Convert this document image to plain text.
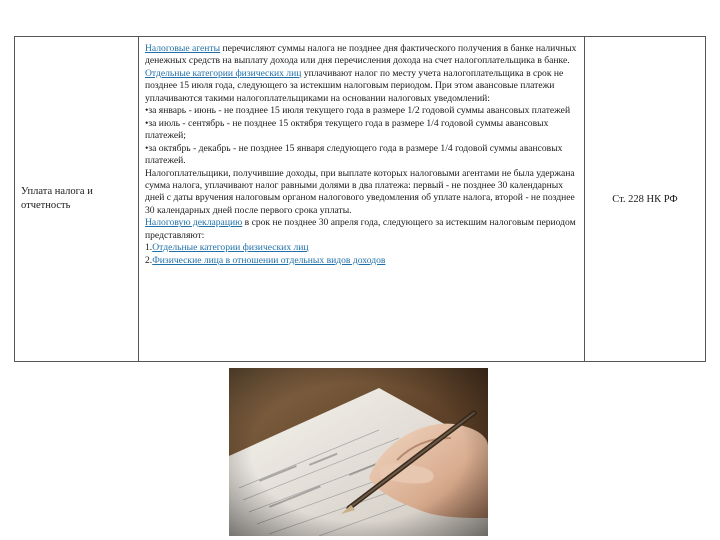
Уплата налога и отчетность
Налоговые агенты перечисляют суммы налога не позднее дня фактического получения в банке наличных денежных средств на выплату дохода или дня перечисления дохода на счет налогоплательщика в банке.
Отдельные категории физических лиц уплачивают налог по месту учета налогоплательщика в срок не позднее 15 июля года, следующего за истекшим налоговым периодом. При этом авансовые платежи уплачиваются такими налогоплательщиками на основании налоговых уведомлений:
•за январь - июнь - не позднее 15 июля текущего года в размере 1/2 годовой суммы авансовых платежей
•за июль - сентябрь - не позднее 15 октября текущего года в размере 1/4 годовой суммы авансовых платежей;
•за октябрь - декабрь - не позднее 15 января следующего года в размере 1/4 годовой суммы авансовых платежей.
Налогоплательщики, получившие доходы, при выплате которых налоговыми агентами не была удержана сумма налога, уплачивают налог равными долями в два платежа: первый - не позднее 30 календарных дней с даты вручения налоговым органом налогового уведомления об уплате налога, второй - не позднее 30 календарных дней после первого срока уплаты.
Налоговую декларацию в срок не позднее 30 апреля года, следующего за истекшим налоговым периодом представляют:
1.Отдельные категории физических лиц
2.Физические лица в отношении отдельных видов доходов
Ст. 228 НК РФ
